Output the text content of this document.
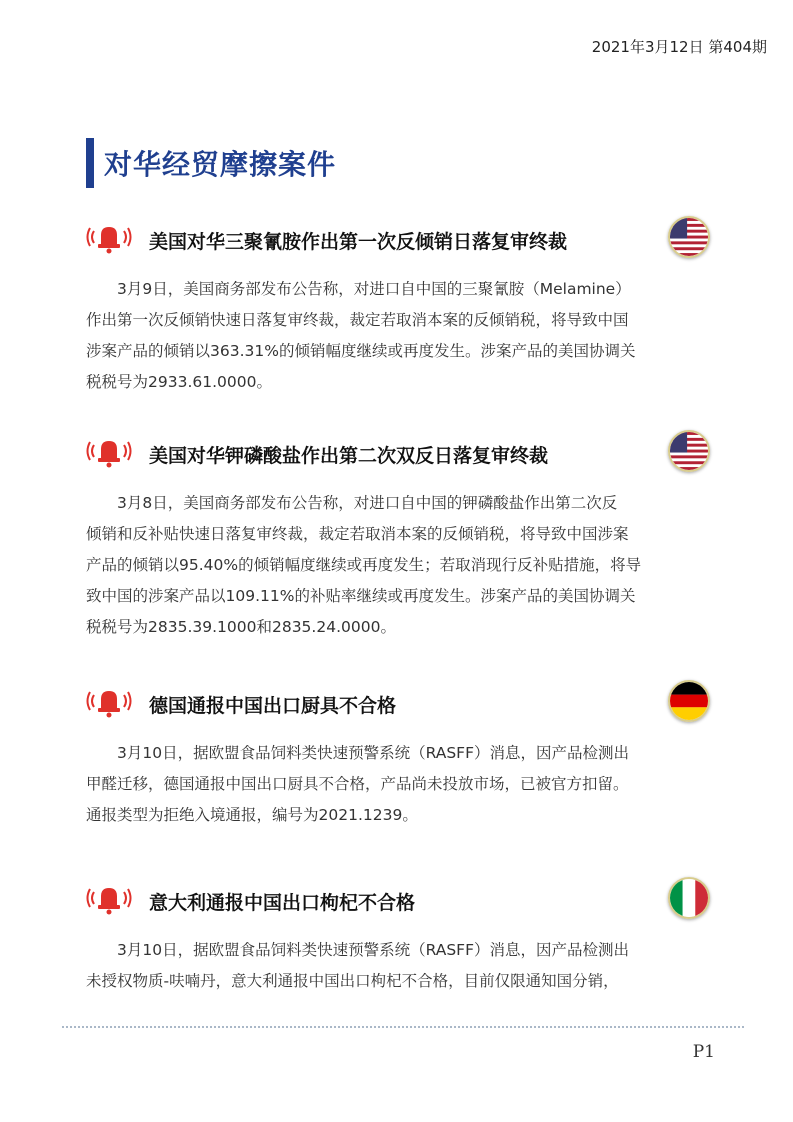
2021年3月12日 第404期
对华经贸摩擦案件
美国对华三聚氰胺作出第一次反倾销日落复审终裁
　　3月9日，美国商务部发布公告称，对进口自中国的三聚氰胺（Melamine）
作出第一次反倾销快速日落复审终裁，裁定若取消本案的反倾销税，将导致中国
涉案产品的倾销以363.31%的倾销幅度继续或再度发生。涉案产品的美国协调关
税税号为2933.61.0000。
美国对华钾磷酸盐作出第二次双反日落复审终裁
　　3月8日，美国商务部发布公告称，对进口自中国的钾磷酸盐作出第二次反
倾销和反补贴快速日落复审终裁，裁定若取消本案的反倾销税，将导致中国涉案
产品的倾销以95.40%的倾销幅度继续或再度发生；若取消现行反补贴措施，将导
致中国的涉案产品以109.11%的补贴率继续或再度发生。涉案产品的美国协调关
税税号为2835.39.1000和2835.24.0000。
德国通报中国出口厨具不合格
　　3月10日，据欧盟食品饲料类快速预警系统（RASFF）消息，因产品检测出
甲醛迁移，德国通报中国出口厨具不合格，产品尚未投放市场，已被官方扣留。
通报类型为拒绝入境通报，编号为2021.1239。
意大利通报中国出口枸杞不合格
　　3月10日，据欧盟食品饲料类快速预警系统（RASFF）消息，因产品检测出
未授权物质-呋喃丹，意大利通报中国出口枸杞不合格，目前仅限通知国分销，
P1
